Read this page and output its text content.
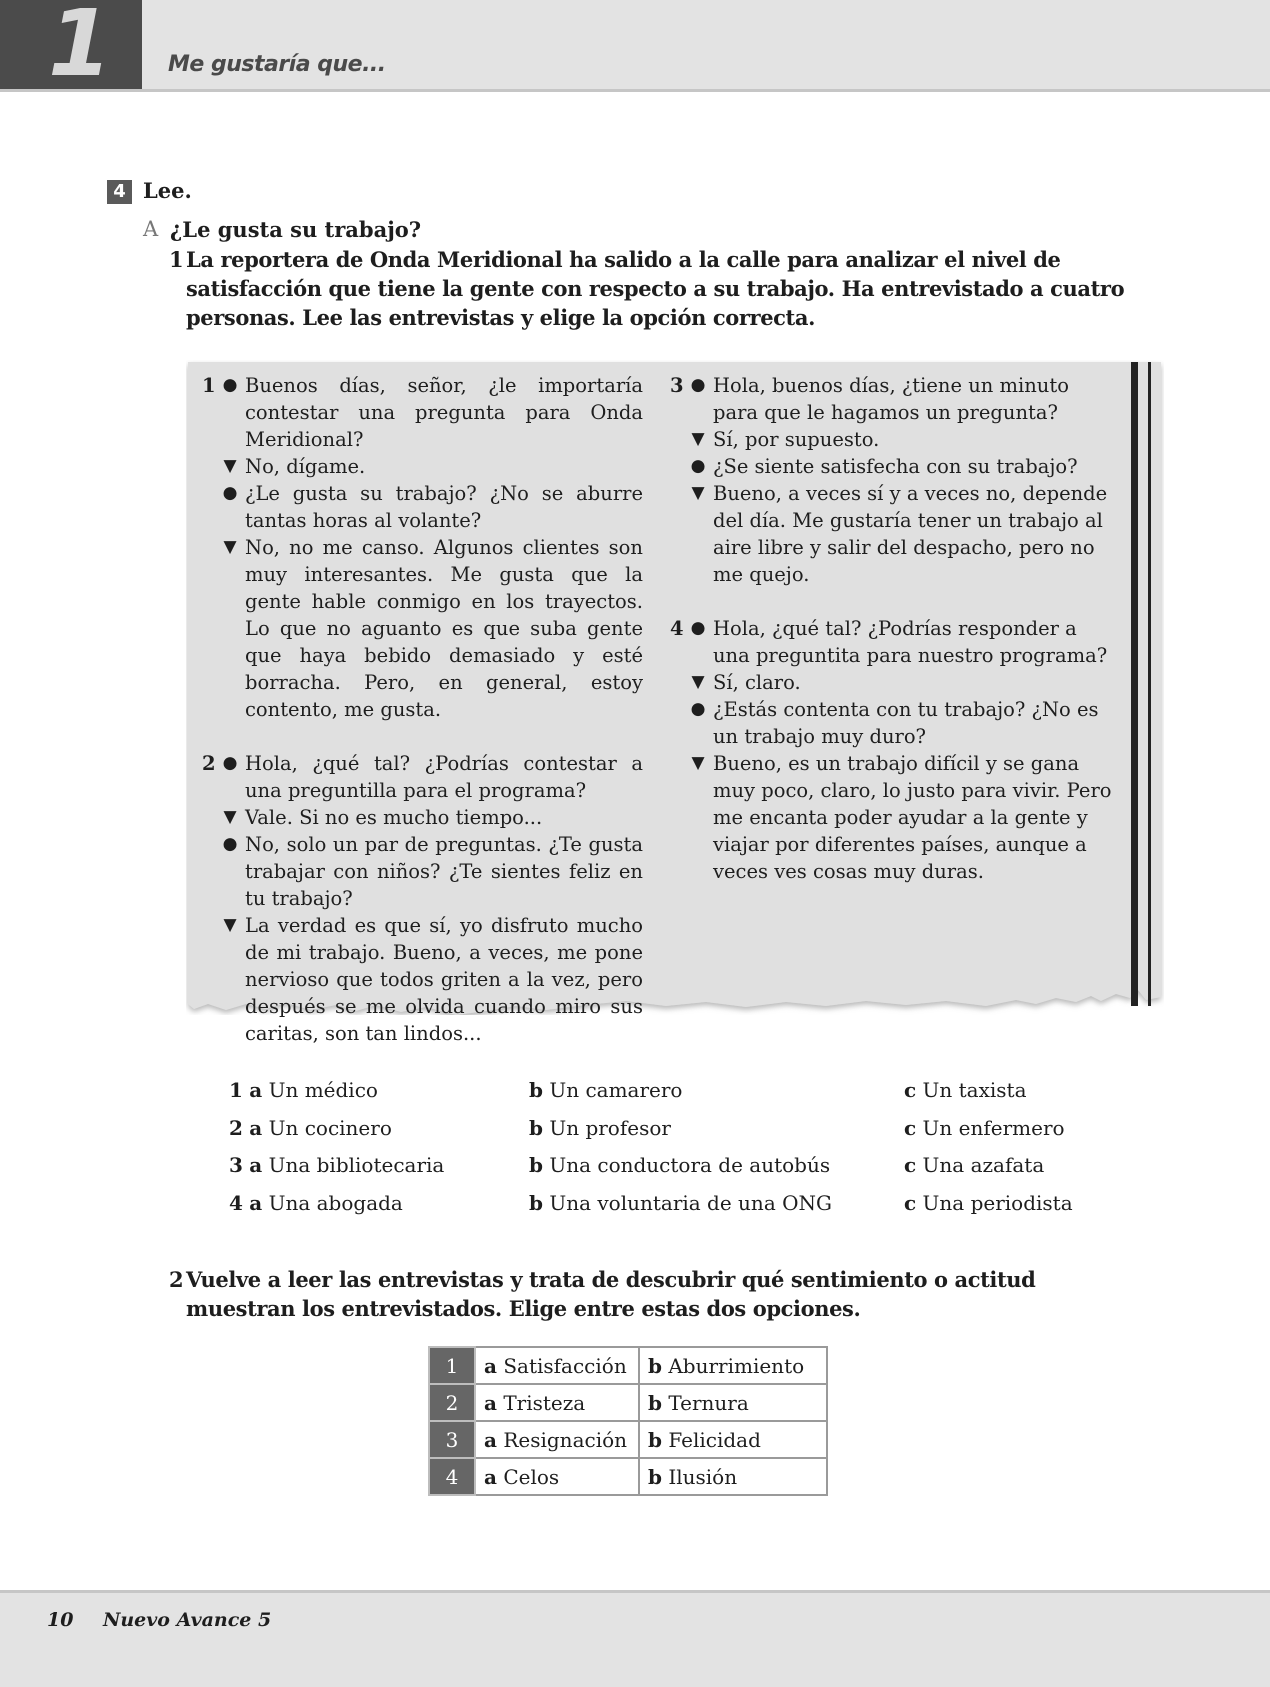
1	Me gustaría que...
4 Lee.
A ¿Le gusta su trabajo?
1 La reportera de Onda Meridional ha salido a la calle para analizar el nivel de satisfacción que tiene la gente con respecto a su trabajo. Ha entrevistado a cuatro personas. Lee las entrevistas y elige la opción correcta.
1 ● Buenos días, señor, ¿le importaría contestar una pregunta para Onda Meridional?
▼ No, dígame.
● ¿Le gusta su trabajo? ¿No se aburre tantas horas al volante?
▼ No, no me canso. Algunos clientes son muy interesantes. Me gusta que la gente hable conmigo en los trayectos. Lo que no aguanto es que suba gente que haya bebido demasiado y esté borracha. Pero, en general, estoy contento, me gusta.
2 ● Hola, ¿qué tal? ¿Podrías contestar a una preguntilla para el programa?
▼ Vale. Si no es mucho tiempo...
● No, solo un par de preguntas. ¿Te gusta trabajar con niños? ¿Te sientes feliz en tu trabajo?
▼ La verdad es que sí, yo disfruto mucho de mi trabajo. Bueno, a veces, me pone nervioso que todos griten a la vez, pero después se me olvida cuando miro sus caritas, son tan lindos...
3 ● Hola, buenos días, ¿tiene un minuto para que le hagamos un pregunta?
▼ Sí, por supuesto.
● ¿Se siente satisfecha con su trabajo?
▼ Bueno, a veces sí y a veces no, depende del día. Me gustaría tener un trabajo al aire libre y salir del despacho, pero no me quejo.
4 ● Hola, ¿qué tal? ¿Podrías responder a una preguntita para nuestro programa?
▼ Sí, claro.
● ¿Estás contenta con tu trabajo? ¿No es un trabajo muy duro?
▼ Bueno, es un trabajo difícil y se gana muy poco, claro, lo justo para vivir. Pero me encanta poder ayudar a la gente y viajar por diferentes países, aunque a veces ves cosas muy duras.
1 a Un médico	b Un camarero	c Un taxista
2 a Un cocinero	b Un profesor	c Un enfermero
3 a Una bibliotecaria	b Una conductora de autobús	c Una azafata
4 a Una abogada	b Una voluntaria de una ONG	c Una periodista
2 Vuelve a leer las entrevistas y trata de descubrir qué sentimiento o actitud muestran los entrevistados. Elige entre estas dos opciones.
1	a Satisfacción	b Aburrimiento
2	a Tristeza	b Ternura
3	a Resignación	b Felicidad
4	a Celos	b Ilusión
10 Nuevo Avance 5
